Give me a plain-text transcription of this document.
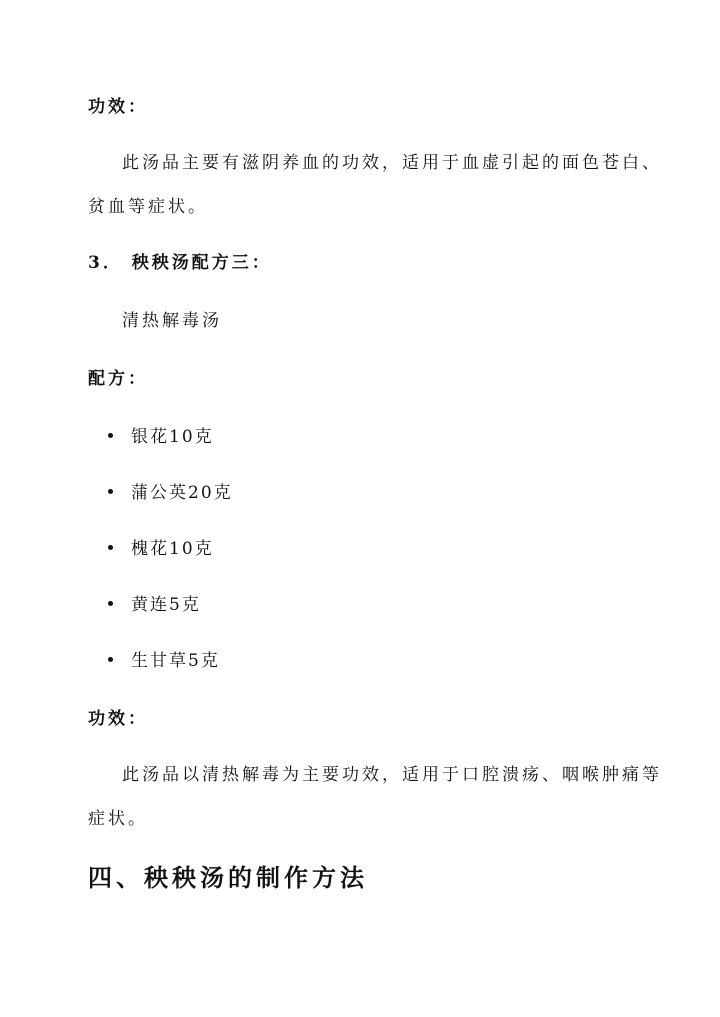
功效：
此汤品主要有滋阴养血的功效，适用于血虚引起的面色苍白、
贫血等症状。
3． 秧秧汤配方三：
清热解毒汤
配方：
银花10克
蒲公英20克
槐花10克
黄连5克
生甘草5克
功效：
此汤品以清热解毒为主要功效，适用于口腔溃疡、咽喉肿痛等
症状。
四、秧秧汤的制作方法
